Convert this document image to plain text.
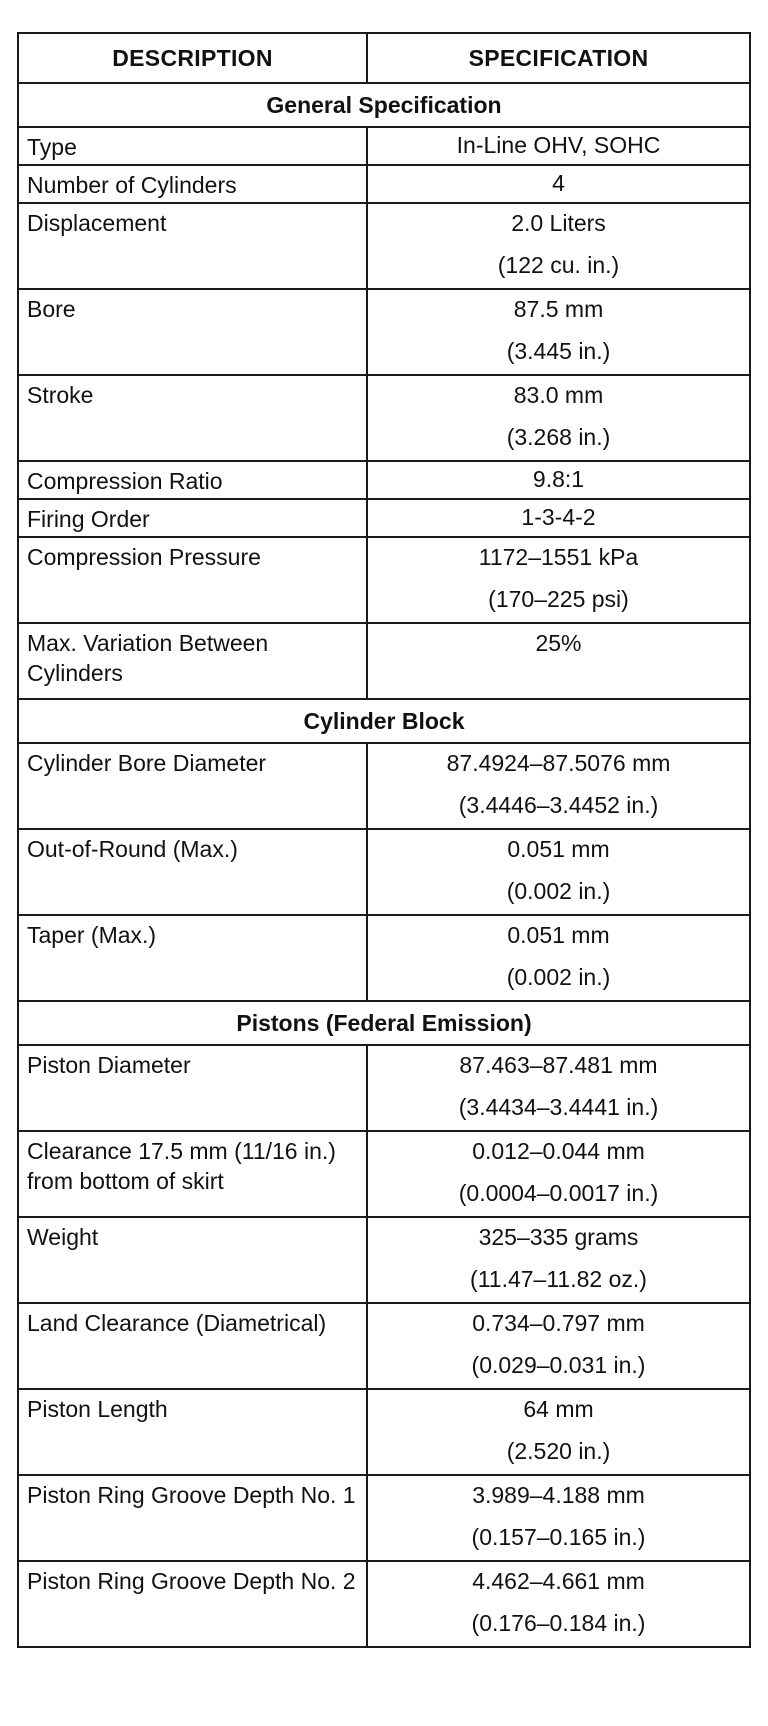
DESCRIPTION	SPECIFICATION
General Specification	
Type	In-Line OHV, SOHC

Number of Cylinders	4

Displacement	2.0 Liters
(122 cu. in.)

Bore	87.5 mm
(3.445 in.)

Stroke	83.0 mm
(3.268 in.)

Compression Ratio	9.8:1

Firing Order	1-3-4-2

Compression Pressure	1172–1551 kPa
(170–225 psi)

Max. Variation Between Cylinders	25%

Cylinder Block	
Cylinder Bore Diameter	87.4924–87.5076 mm
(3.4446–3.4452 in.)

Out-of-Round (Max.)	0.051 mm
(0.002 in.)

Taper (Max.)	0.051 mm
(0.002 in.)

Pistons (Federal Emission)	
Piston Diameter	87.463–87.481 mm
(3.4434–3.4441 in.)

Clearance 17.5 mm (11/16 in.) from bottom of skirt	0.012–0.044 mm
(0.0004–0.0017 in.)

Weight	325–335 grams
(11.47–11.82 oz.)

Land Clearance (Diametrical)	0.734–0.797 mm
(0.029–0.031 in.)

Piston Length	64 mm
(2.520 in.)

Piston Ring Groove Depth No. 1	3.989–4.188 mm
(0.157–0.165 in.)

Piston Ring Groove Depth No. 2	4.462–4.661 mm
(0.176–0.184 in.)
